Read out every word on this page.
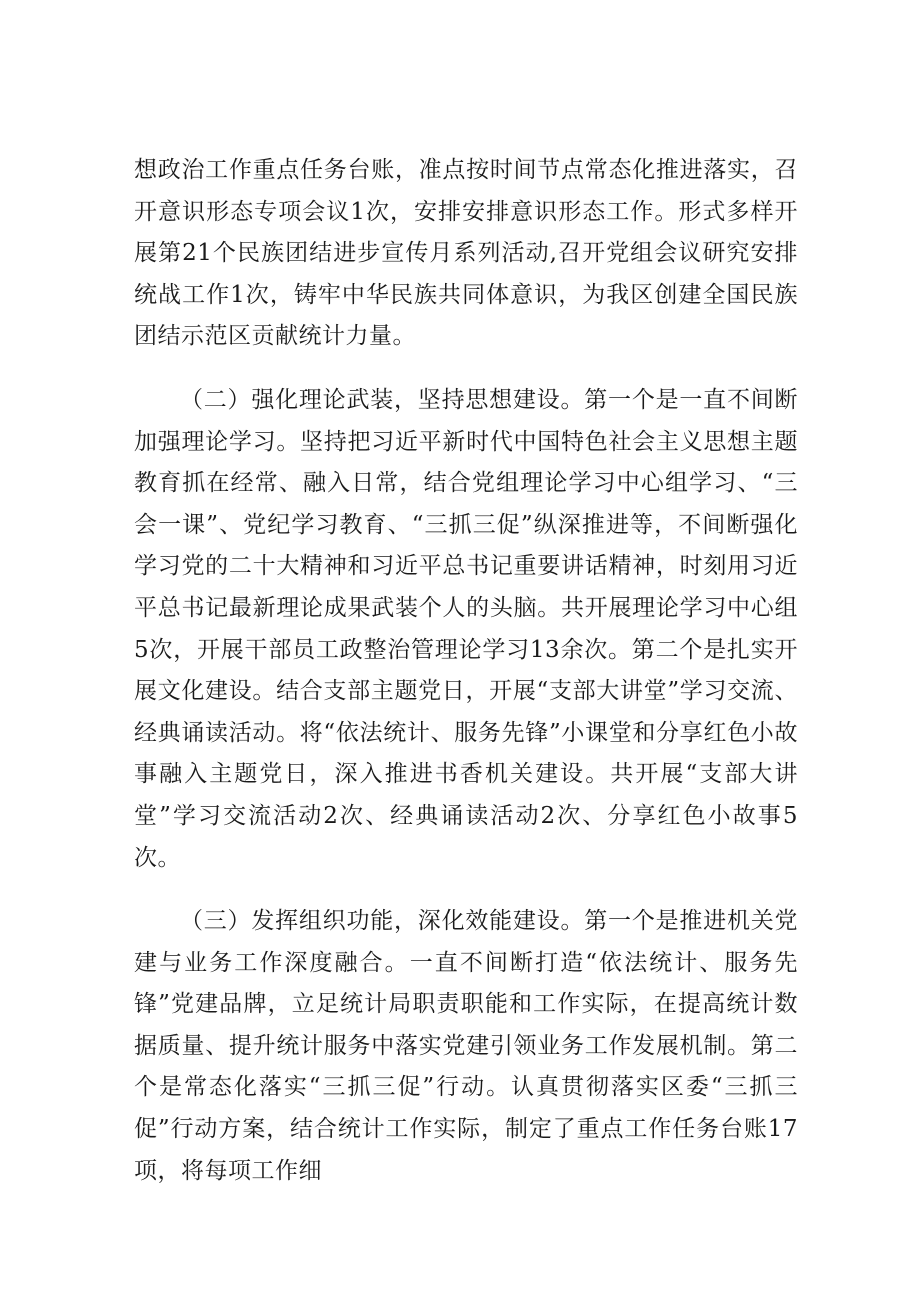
想政治工作重点任务台账，准点按时间节点常态化推进落实，召开意识形态专项会议1次，安排安排意识形态工作。形式多样开展第21个民族团结进步宣传月系列活动,召开党组会议研究安排统战工作1次，铸牢中华民族共同体意识，为我区创建全国民族团结示范区贡献统计力量。

（二）强化理论武装，坚持思想建设。第一个是一直不间断加强理论学习。坚持把习近平新时代中国特色社会主义思想主题教育抓在经常、融入日常，结合党组理论学习中心组学习、“三会一课”、党纪学习教育、“三抓三促”纵深推进等，不间断强化学习党的二十大精神和习近平总书记重要讲话精神，时刻用习近平总书记最新理论成果武装个人的头脑。共开展理论学习中心组5次，开展干部员工政整治管理论学习13余次。第二个是扎实开展文化建设。结合支部主题党日，开展“支部大讲堂”学习交流、经典诵读活动。将“依法统计、服务先锋”小课堂和分享红色小故事融入主题党日，深入推进书香机关建设。共开展“支部大讲堂”学习交流活动2次、经典诵读活动2次、分享红色小故事5次。

（三）发挥组织功能，深化效能建设。第一个是推进机关党建与业务工作深度融合。一直不间断打造“依法统计、服务先锋”党建品牌，立足统计局职责职能和工作实际，在提高统计数据质量、提升统计服务中落实党建引领业务工作发展机制。第二个是常态化落实“三抓三促”行动。认真贯彻落实区委“三抓三促”行动方案，结合统计工作实际，制定了重点工作任务台账17项，将每项工作细
